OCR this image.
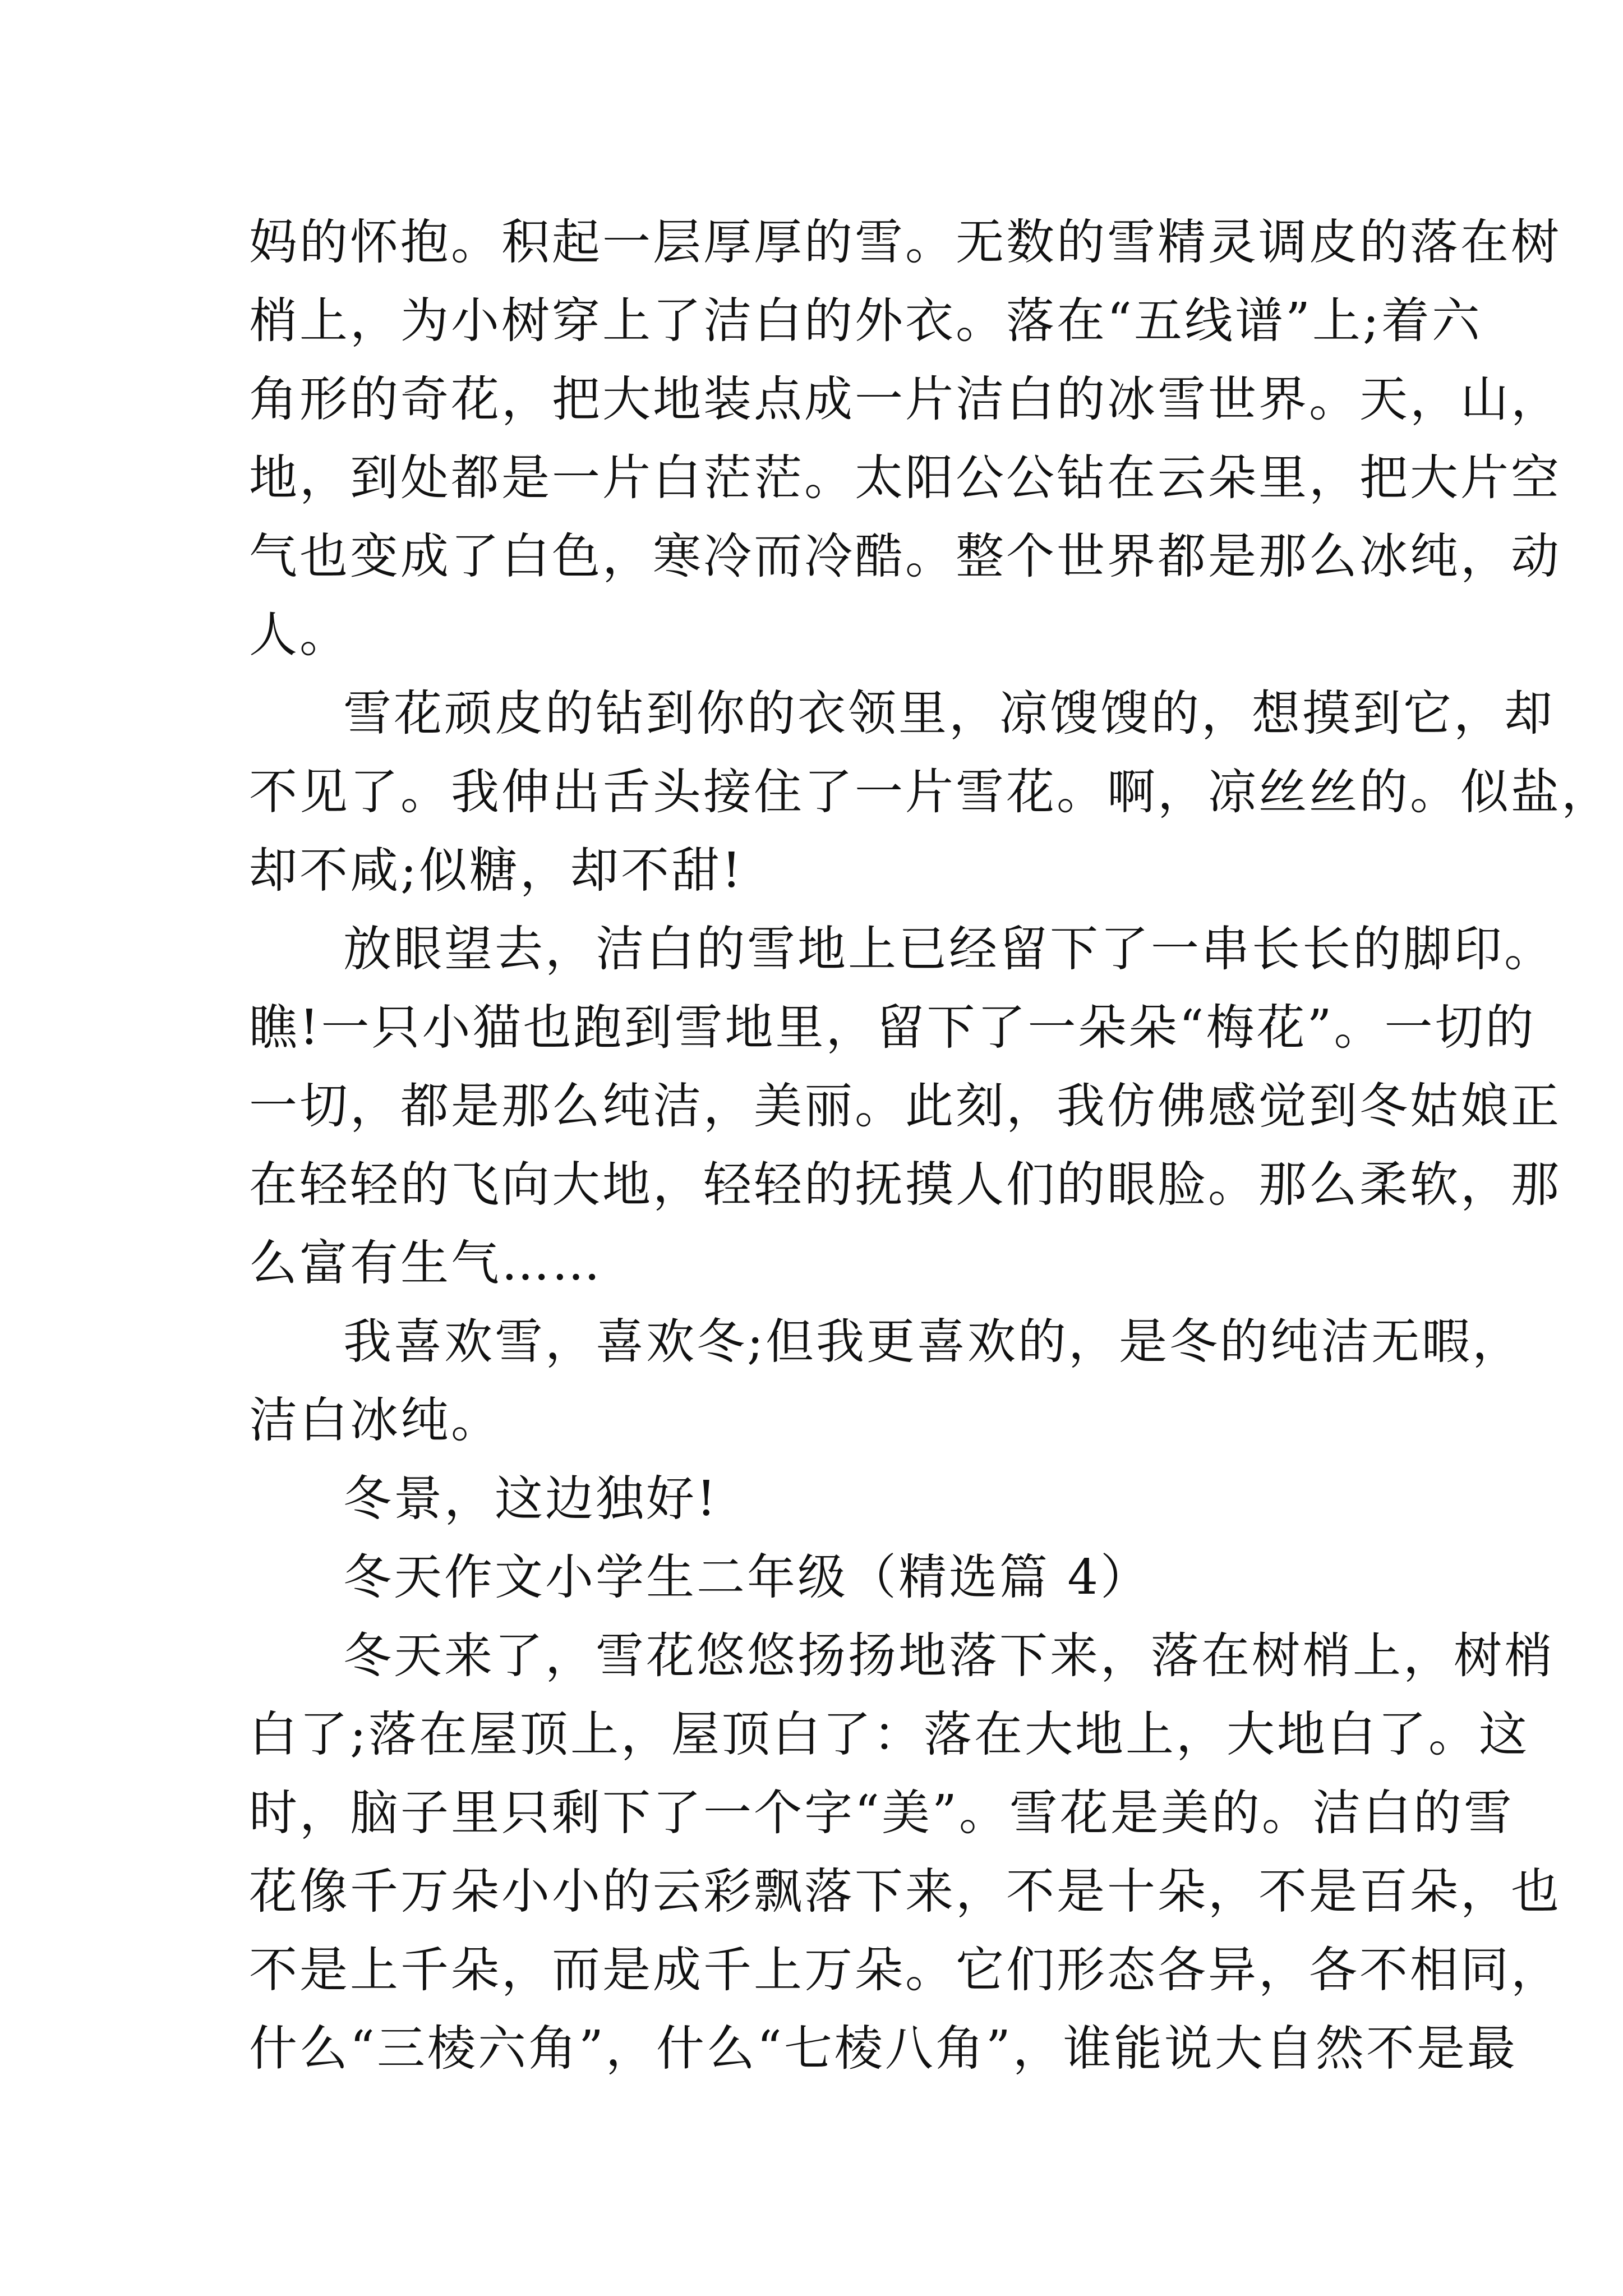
妈的怀抱。积起一层厚厚的雪。无数的雪精灵调皮的落在树
梢上，为小树穿上了洁白的外衣。落在“五线谱”上;着六
角形的奇花，把大地装点成一片洁白的冰雪世界。天，山，
地，到处都是一片白茫茫。太阳公公钻在云朵里，把大片空
气也变成了白色，寒冷而冷酷。整个世界都是那么冰纯，动
人。
雪花顽皮的钻到你的衣领里，凉馊馊的，想摸到它，却
不见了。我伸出舌头接住了一片雪花。啊，凉丝丝的。似盐，
却不咸;似糖，却不甜!
放眼望去，洁白的雪地上已经留下了一串长长的脚印。
瞧!一只小猫也跑到雪地里，留下了一朵朵“梅花”。一切的
一切，都是那么纯洁，美丽。此刻，我仿佛感觉到冬姑娘正
在轻轻的飞向大地，轻轻的抚摸人们的眼脸。那么柔软，那
么富有生气……
我喜欢雪，喜欢冬;但我更喜欢的，是冬的纯洁无暇，
洁白冰纯。
冬景，这边独好!
冬天作文小学生二年级（精选篇 4）
冬天来了，雪花悠悠扬扬地落下来，落在树梢上，树梢
白了;落在屋顶上，屋顶白了：落在大地上，大地白了。这
时，脑子里只剩下了一个字“美”。雪花是美的。洁白的雪
花像千万朵小小的云彩飘落下来，不是十朵，不是百朵，也
不是上千朵，而是成千上万朵。它们形态各异，各不相同，
什么“三棱六角”，什么“七棱八角”，谁能说大自然不是最
